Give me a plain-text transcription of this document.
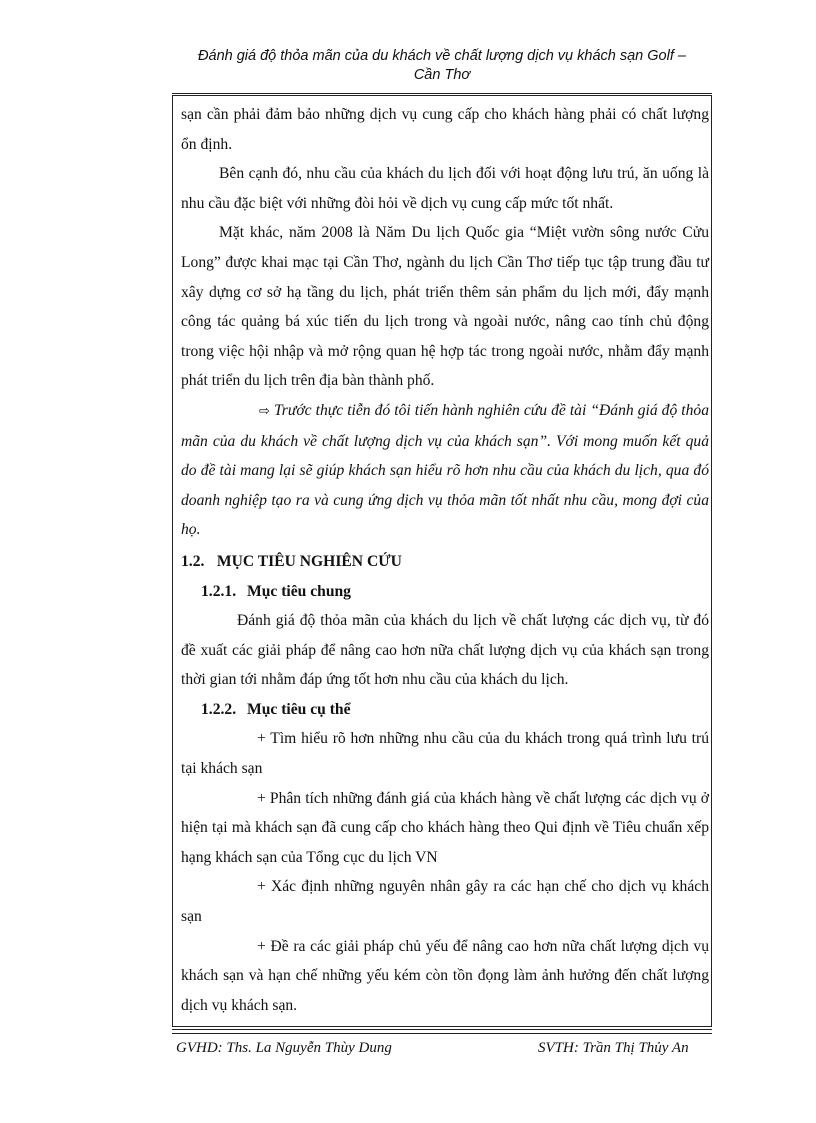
Đánh giá độ thỏa mãn của du khách về chất lượng dịch vụ khách sạn Golf –
Cần Thơ

sạn cần phải đảm bảo những dịch vụ cung cấp cho khách hàng phải có chất lượng ổn định.

Bên cạnh đó, nhu cầu của khách du lịch đối với hoạt động lưu trú, ăn uống là nhu cầu đặc biệt với những đòi hỏi về dịch vụ cung cấp mức tốt nhất.

Mặt khác, năm 2008 là Năm Du lịch Quốc gia “Miệt vườn sông nước Cửu Long” được khai mạc tại Cần Thơ, ngành du lịch Cần Thơ tiếp tục tập trung đầu tư xây dựng cơ sở hạ tầng du lịch, phát triển thêm sản phẩm du lịch mới, đẩy mạnh công tác quảng bá xúc tiến du lịch trong và ngoài nước, nâng cao tính chủ động trong việc hội nhập và mở rộng quan hệ hợp tác trong ngoài nước, nhằm đẩy mạnh phát triển du lịch trên địa bàn thành phố.

⇨ Trước thực tiễn đó tôi tiến hành nghiên cứu đề tài “Đánh giá độ thỏa mãn của du khách về chất lượng dịch vụ của khách sạn”. Với mong muốn kết quả do đề tài mang lại sẽ giúp khách sạn hiểu rõ hơn nhu cầu của khách du lịch, qua đó doanh nghiệp tạo ra và cung ứng dịch vụ thỏa mãn tốt nhất nhu cầu, mong đợi của họ.

1.2. MỤC TIÊU NGHIÊN CỨU
1.2.1. Mục tiêu chung

Đánh giá độ thỏa mãn của khách du lịch về chất lượng các dịch vụ, từ đó đề xuất các giải pháp để nâng cao hơn nữa chất lượng dịch vụ của khách sạn trong thời gian tới nhằm đáp ứng tốt hơn nhu cầu của khách du lịch.

1.2.2. Mục tiêu cụ thể

+ Tìm hiểu rõ hơn những nhu cầu của du khách trong quá trình lưu trú tại khách sạn

+ Phân tích những đánh giá của khách hàng về chất lượng các dịch vụ ở hiện tại mà khách sạn đã cung cấp cho khách hàng theo Qui định về Tiêu chuẩn xếp hạng khách sạn của Tổng cục du lịch VN

+ Xác định những nguyên nhân gây ra các hạn chế cho dịch vụ khách sạn

+ Đề ra các giải pháp chủ yếu để nâng cao hơn nữa chất lượng dịch vụ khách sạn và hạn chế những yếu kém còn tồn đọng làm ảnh hưởng đến chất lượng dịch vụ khách sạn.

GVHD: Ths. La Nguyễn Thùy Dung	SVTH: Trần Thị Thủy An
